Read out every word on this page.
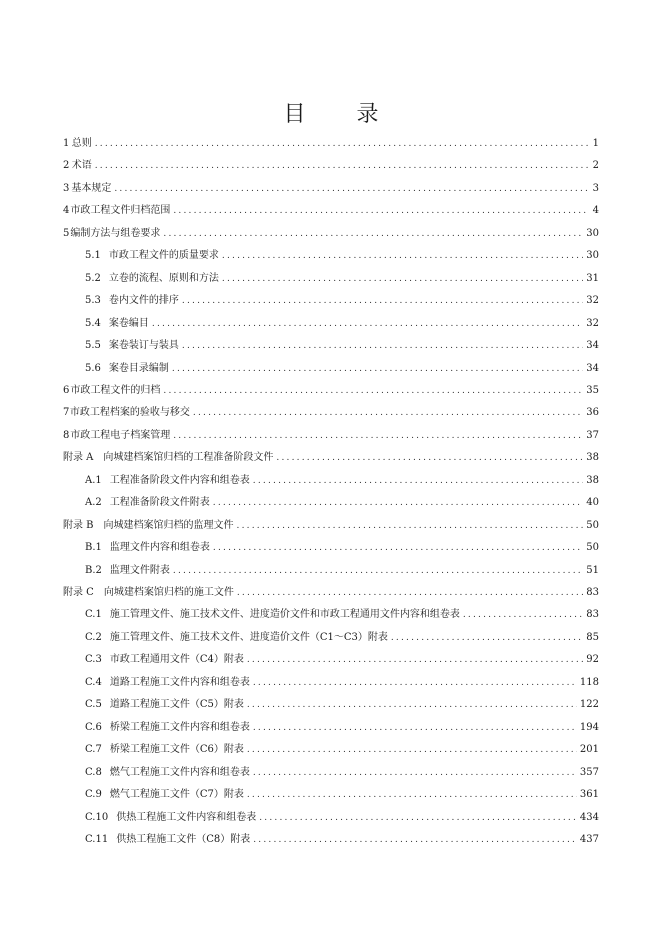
目 录
1 总则 .....	1
2 术语 .....	2
3 基本规定 .....	3
4 市政工程文件归档范围 .....	4
5 编制方法与组卷要求 .....	30
5.1 市政工程文件的质量要求 .....	30
5.2 立卷的流程、原则和方法 .....	31
5.3 卷内文件的排序 .....	32
5.4 案卷编目 .....	32
5.5 案卷装订与装具 .....	34
5.6 案卷目录编制 .....	34
6 市政工程文件的归档 .....	35
7 市政工程档案的验收与移交 .....	36
8 市政工程电子档案管理 .....	37
附录 A 向城建档案馆归档的工程准备阶段文件 .....	38
A.1 工程准备阶段文件内容和组卷表 .....	38
A.2 工程准备阶段文件附表 .....	40
附录 B 向城建档案馆归档的监理文件 .....	50
B.1 监理文件内容和组卷表 .....	50
B.2 监理文件附表 .....	51
附录 C 向城建档案馆归档的施工文件 .....	83
C.1 施工管理文件、施工技术文件、进度造价文件和市政工程通用文件内容和组卷表 .....	83
C.2 施工管理文件、施工技术文件、进度造价文件（C1～C3）附表 .....	85
C.3 市政工程通用文件（C4）附表 .....	92
C.4 道路工程施工文件内容和组卷表 .....	118
C.5 道路工程施工文件（C5）附表 .....	122
C.6 桥梁工程施工文件内容和组卷表 .....	194
C.7 桥梁工程施工文件（C6）附表 .....	201
C.8 燃气工程施工文件内容和组卷表 .....	357
C.9 燃气工程施工文件（C7）附表 .....	361
C.10 供热工程施工文件内容和组卷表 .....	434
C.11 供热工程施工文件（C8）附表 .....	437
